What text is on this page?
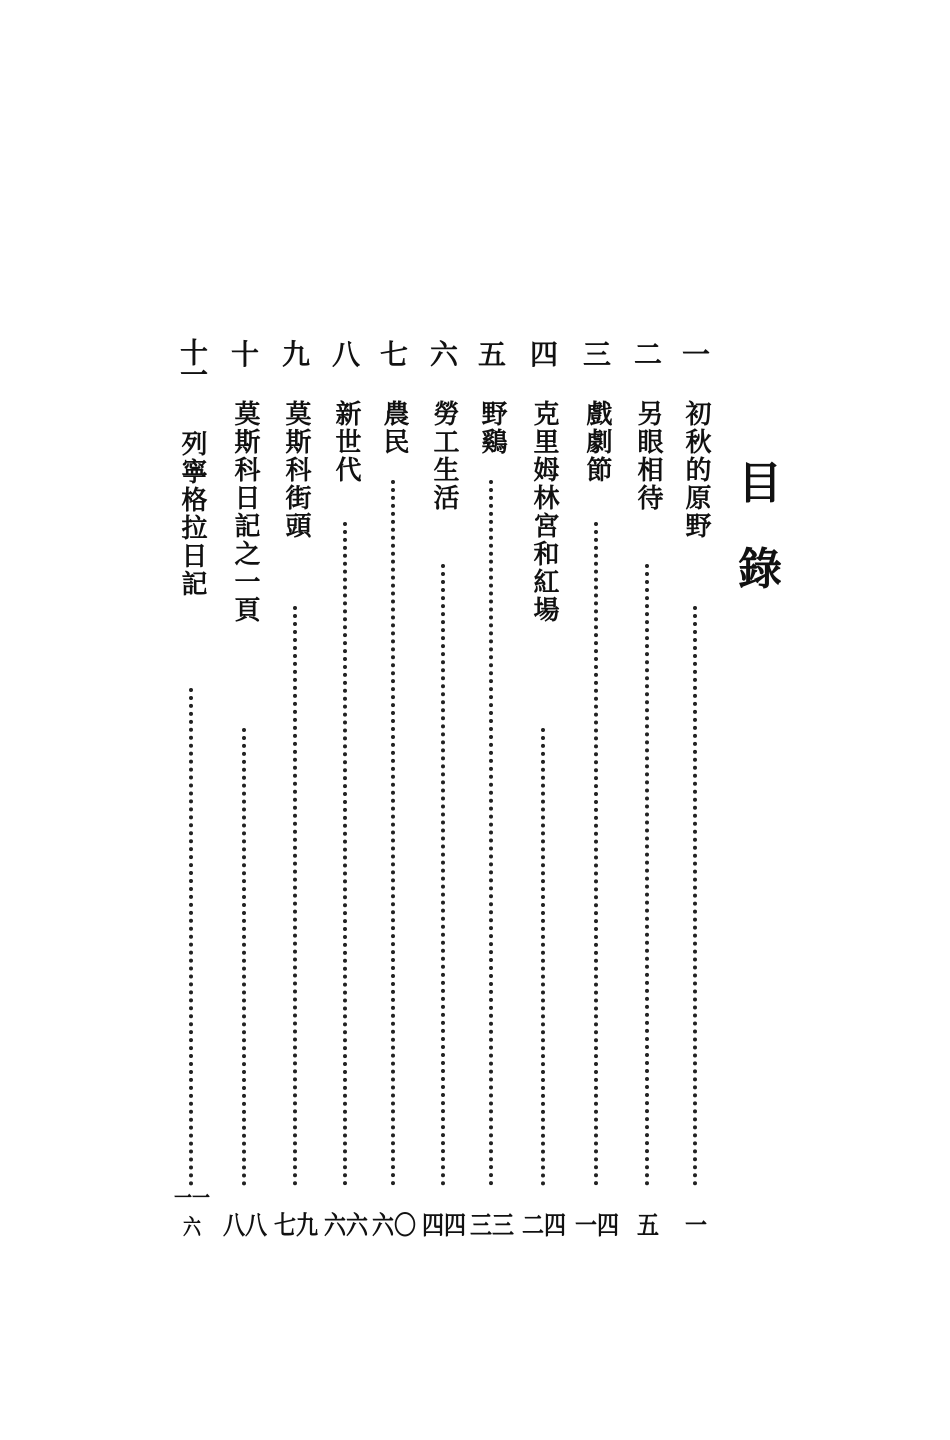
目
錄
一
初秋的原野
一
二
另眼相待
五
三
戲劇節
一四
四
克里姆林宮和紅場
二四
五
野鷄
三三
六
勞工生活
四四
七
農民
六〇
八
新世代
六六
九
莫斯科街頭
七九
十
莫斯科日記之一頁
八八
十一
列寧格拉日記
一一六
